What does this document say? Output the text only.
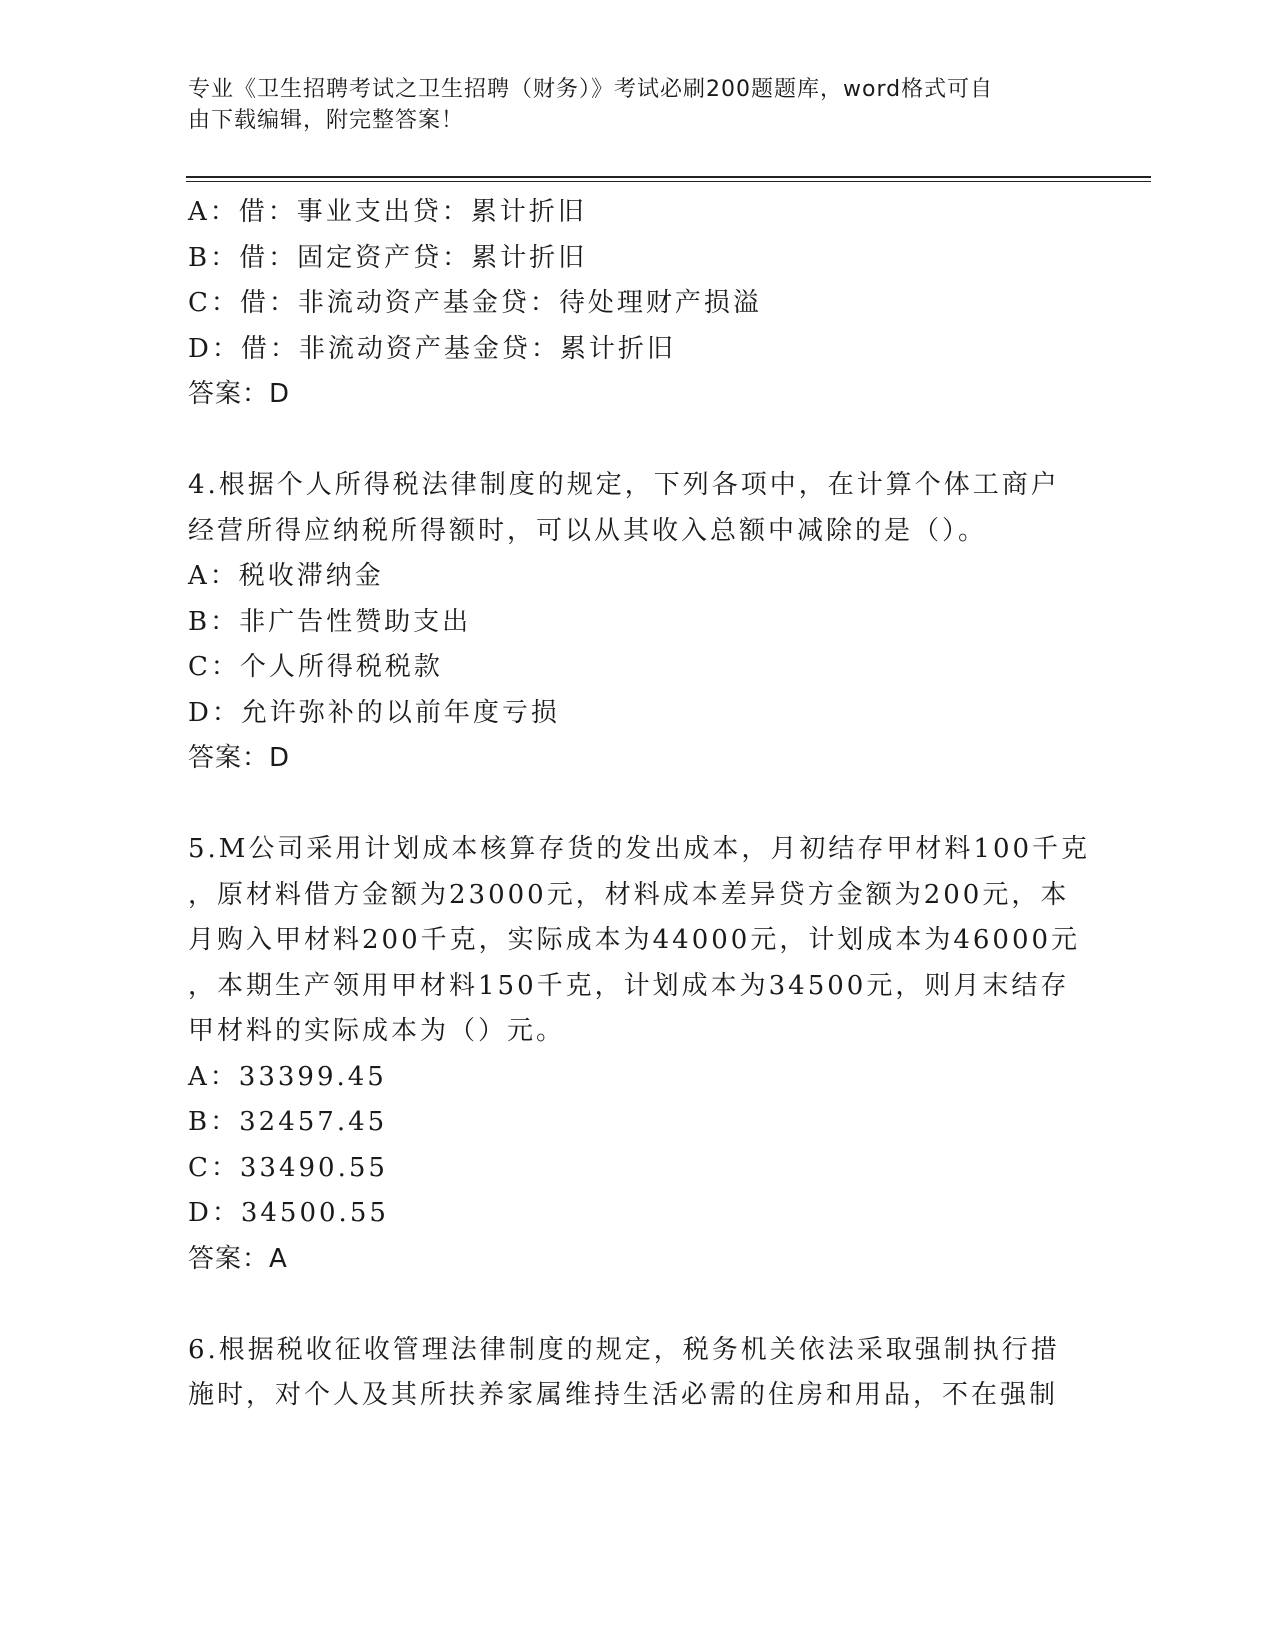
专业《卫生招聘考试之卫生招聘（财务）》考试必刷200题题库，word格式可自
由下载编辑，附完整答案！
A：借：事业支出贷：累计折旧
B：借：固定资产贷：累计折旧
C：借：非流动资产基金贷：待处理财产损溢
D：借：非流动资产基金贷：累计折旧
答案：D
4.根据个人所得税法律制度的规定，下列各项中，在计算个体工商户
经营所得应纳税所得额时，可以从其收入总额中减除的是（）。
A：税收滞纳金
B：非广告性赞助支出
C：个人所得税税款
D：允许弥补的以前年度亏损
答案：D
5.M公司采用计划成本核算存货的发出成本，月初结存甲材料100千克
，原材料借方金额为23000元，材料成本差异贷方金额为200元，本
月购入甲材料200千克，实际成本为44000元，计划成本为46000元
，本期生产领用甲材料150千克，计划成本为34500元，则月末结存
甲材料的实际成本为（）元。
A：33399.45
B：32457.45
C：33490.55
D：34500.55
答案：A
6.根据税收征收管理法律制度的规定，税务机关依法采取强制执行措
施时，对个人及其所扶养家属维持生活必需的住房和用品，不在强制
